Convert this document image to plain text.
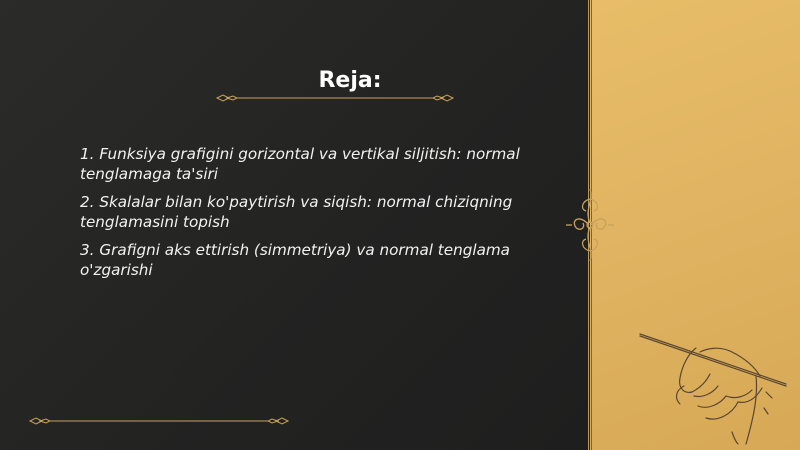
Reja:
1. Funksiya grafigini gorizontal va vertikal siljitish: normal tenglamaga ta'siri
2. Skalalar bilan ko'paytirish va siqish: normal chiziqning tenglamasini topish
3. Grafigni aks ettirish (simmetriya) va normal tenglama o'zgarishi
